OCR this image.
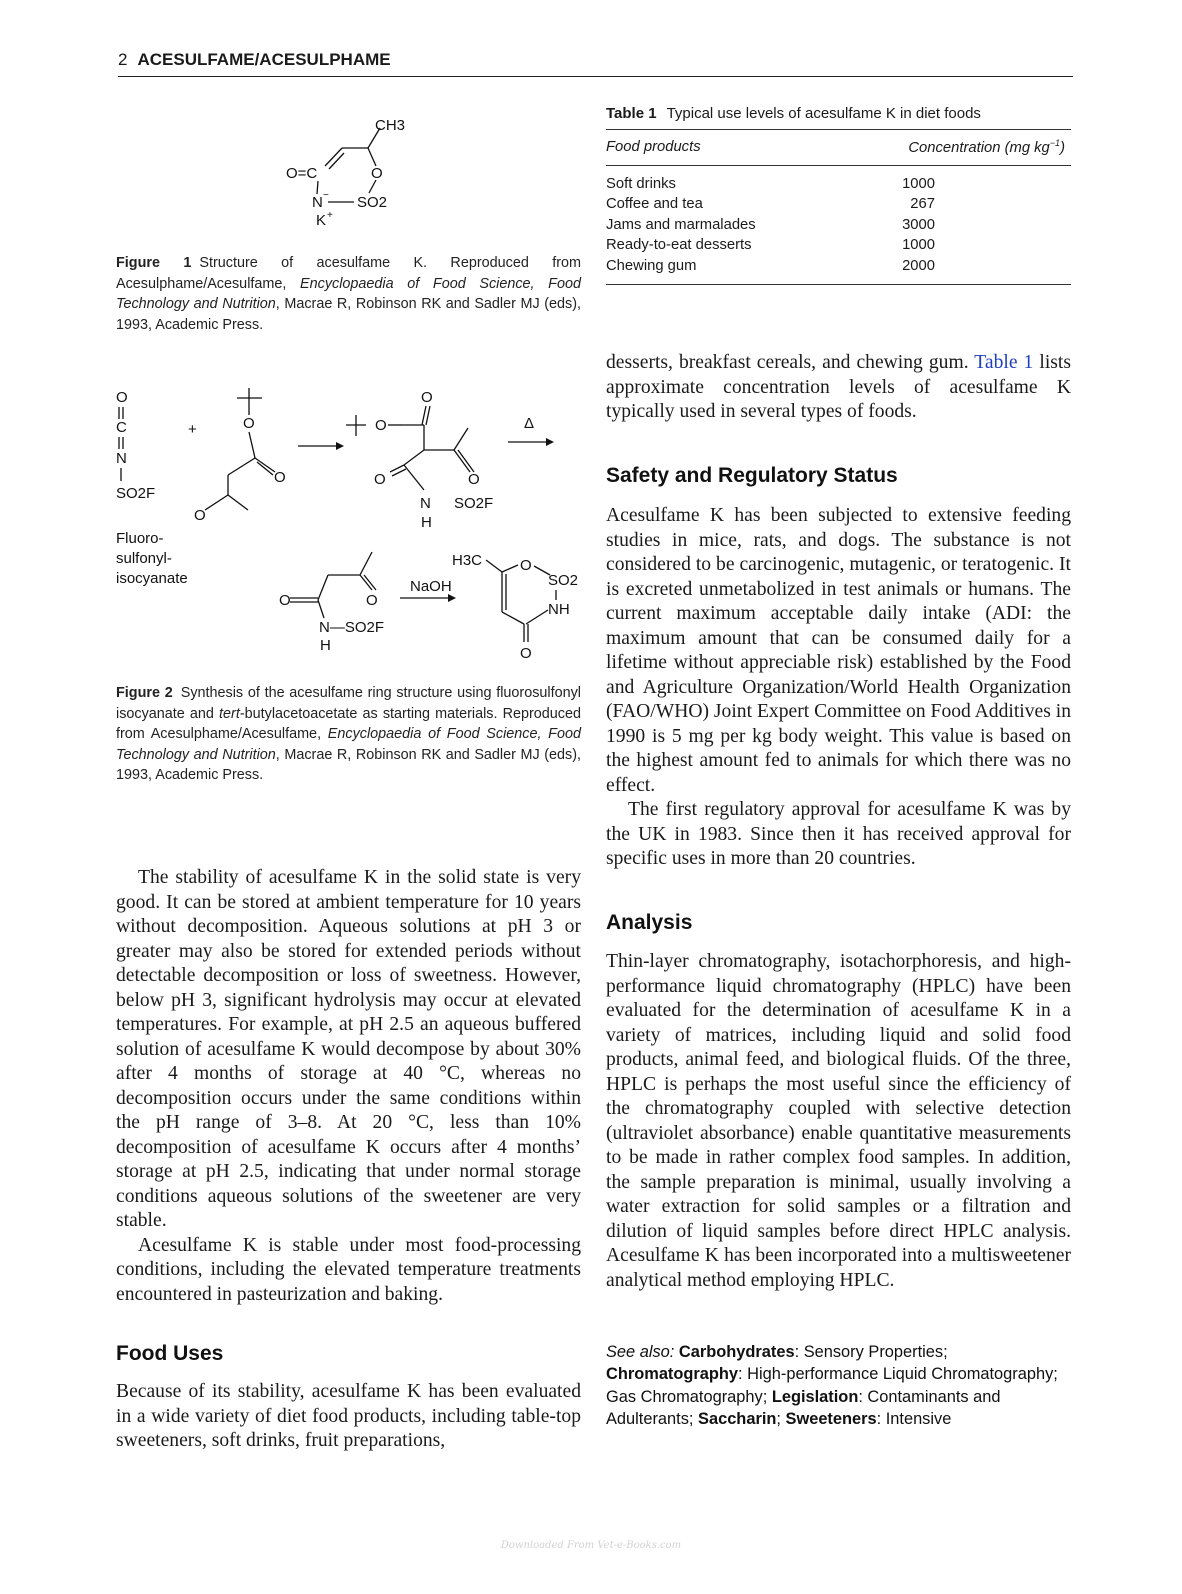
2 ACESULFAME/ACESULPHAME
CH3
O=C	O
N − SO2
K +
Figure 1 Structure of acesulfame K. Reproduced from Acesulphame/Acesulfame, Encyclopaedia of Food Science, Food Technology and Nutrition, Macrae R, Robinson RK and Sadler MJ (eds), 1993, Academic Press.
O
C
N
SO2F
+
Fluoro-
sulfonyl-
isocyanate
O
O
O
O
O
O	O
N
H
SO2F
Δ
O	O
N—SO2F
H
NaOH
H3C	O
SO2
NH
O
Figure 2 Synthesis of the acesulfame ring structure using fluorosulfonyl isocyanate and tert-butylacetoacetate as starting materials. Reproduced from Acesulphame/Acesulfame, Encyclopaedia of Food Science, Food Technology and Nutrition, Macrae R, Robinson RK and Sadler MJ (eds), 1993, Academic Press.

The stability of acesulfame K in the solid state is very good. It can be stored at ambient temperature for 10 years without decomposition. Aqueous solutions at pH 3 or greater may also be stored for extended periods without detectable decomposition or loss of sweetness. However, below pH 3, significant hydrolysis may occur at elevated temperatures. For example, at pH 2.5 an aqueous buffered solution of acesulfame K would decompose by about 30% after 4 months of storage at 40 °C, whereas no decomposition occurs under the same conditions within the pH range of 3–8. At 20 °C, less than 10% decomposition of acesulfame K occurs after 4 months’ storage at pH 2.5, indicating that under normal storage conditions aqueous solutions of the sweetener are very stable.

Acesulfame K is stable under most food-processing conditions, including the elevated temperature treatments encountered in pasteurization and baking.

Food Uses

Because of its stability, acesulfame K has been evaluated in a wide variety of diet food products, including table-top sweeteners, soft drinks, fruit preparations,

Table 1 Typical use levels of acesulfame K in diet foods
Food products	Concentration (mg $kg^{-1}$)
Soft drinks	1000
Coffee and tea	267
Jams and marmalades	3000
Ready-to-eat desserts	1000
Chewing gum	2000

desserts, breakfast cereals, and chewing gum. Table 1 lists approximate concentration levels of acesulfame K typically used in several types of foods.

Safety and Regulatory Status

Acesulfame K has been subjected to extensive feeding studies in mice, rats, and dogs. The substance is not considered to be carcinogenic, mutagenic, or teratogenic. It is excreted unmetabolized in test animals or humans. The current maximum acceptable daily intake (ADI: the maximum amount that can be consumed daily for a lifetime without appreciable risk) established by the Food and Agriculture Organization/World Health Organization (FAO/WHO) Joint Expert Committee on Food Additives in 1990 is 5 mg per kg body weight. This value is based on the highest amount fed to animals for which there was no effect.

The first regulatory approval for acesulfame K was by the UK in 1983. Since then it has received approval for specific uses in more than 20 countries.

Analysis

Thin-layer chromatography, isotachorphoresis, and high-performance liquid chromatography (HPLC) have been evaluated for the determination of acesulfame K in a variety of matrices, including liquid and solid food products, animal feed, and biological fluids. Of the three, HPLC is perhaps the most useful since the efficiency of the chromatography coupled with selective detection (ultraviolet absorbance) enable quantitative measurements to be made in rather complex food samples. In addition, the sample preparation is minimal, usually involving a water extraction for solid samples or a filtration and dilution of liquid samples before direct HPLC analysis. Acesulfame K has been incorporated into a multisweetener analytical method employing HPLC.

See also: Carbohydrates: Sensory Properties; Chromatography: High-performance Liquid Chromatography; Gas Chromatography; Legislation: Contaminants and Adulterants; Saccharin; Sweeteners: Intensive
Downloaded From Vet-e-Books.com
